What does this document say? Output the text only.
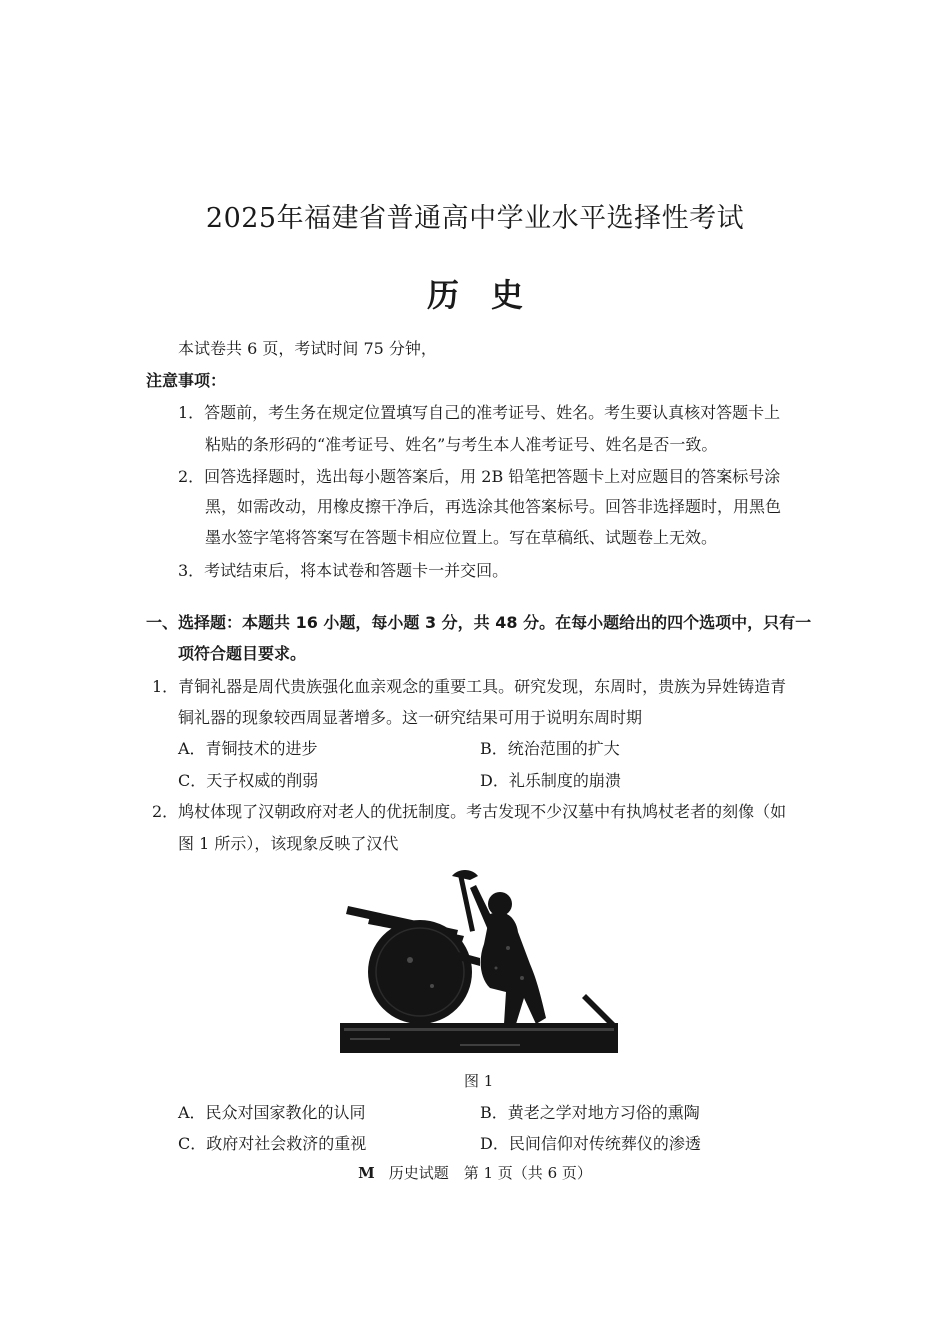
2025年福建省普通高中学业水平选择性考试
历　史
本试卷共 6 页，考试时间 75 分钟，
注意事项：
1．答题前，考生务在规定位置填写自己的准考证号、姓名。考生要认真核对答题卡上
粘贴的条形码的“准考证号、姓名”与考生本人准考证号、姓名是否一致。
2．回答选择题时，选出每小题答案后，用 2B 铅笔把答题卡上对应题目的答案标号涂
黑，如需改动，用橡皮擦干净后，再选涂其他答案标号。回答非选择题时，用黑色
墨水签字笔将答案写在答题卡相应位置上。写在草稿纸、试题卷上无效。
3．考试结束后，将本试卷和答题卡一并交回。
一、选择题：本题共 16 小题，每小题 3 分，共 48 分。在每小题给出的四个选项中，只有一
项符合题目要求。
1．青铜礼器是周代贵族强化血亲观念的重要工具。研究发现，东周时，贵族为异姓铸造青
铜礼器的现象较西周显著增多。这一研究结果可用于说明东周时期
A．青铜技术的进步	B．统治范围的扩大
C．天子权威的削弱	D．礼乐制度的崩溃
2．鸠杖体现了汉朝政府对老人的优抚制度。考古发现不少汉墓中有执鸠杖老者的刻像（如
图 1 所示），该现象反映了汉代
图 1
A．民众对国家教化的认同	B．黄老之学对地方习俗的熏陶
C．政府对社会救济的重视	D．民间信仰对传统葬仪的渗透
M 历史试题　第 1 页（共 6 页）
